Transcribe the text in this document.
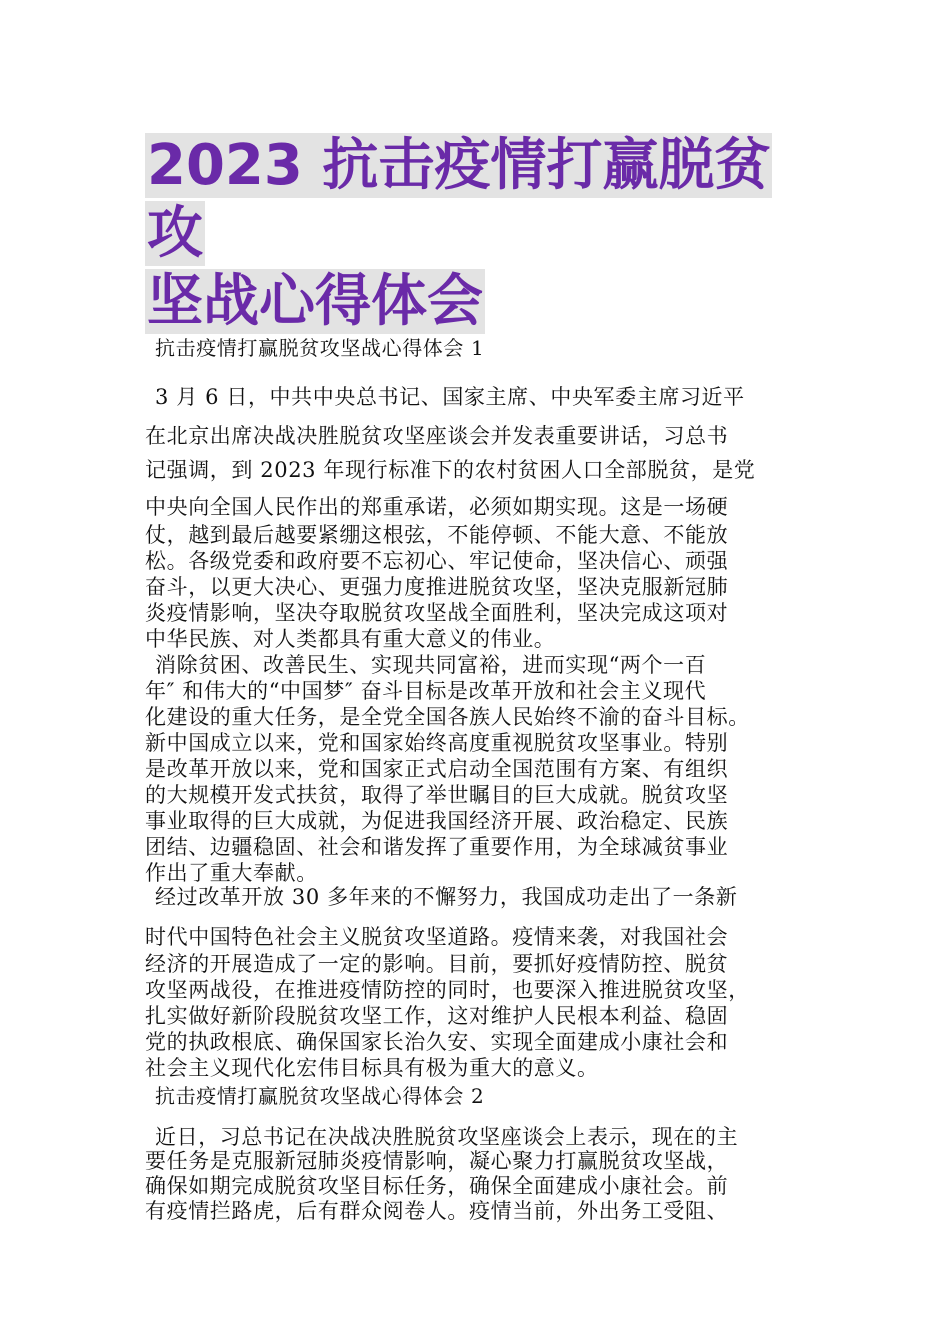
2023 抗击疫情打赢脱贫攻
坚战心得体会
抗击疫情打赢脱贫攻坚战心得体会 1
3 月 6 日，中共中央总书记、国家主席、中央军委主席习近平
在北京出席决战决胜脱贫攻坚座谈会并发表重要讲话，习总书
记强调，到 2023 年现行标准下的农村贫困人口全部脱贫，是党
中央向全国人民作出的郑重承诺，必须如期实现。这是一场硬
仗，越到最后越要紧绷这根弦，不能停顿、不能大意、不能放
松。各级党委和政府要不忘初心、牢记使命，坚决信心、顽强
奋斗，以更大决心、更强力度推进脱贫攻坚，坚决克服新冠肺
炎疫情影响，坚决夺取脱贫攻坚战全面胜利，坚决完成这项对
中华民族、对人类都具有重大意义的伟业。
消除贫困、改善民生、实现共同富裕，进而实现“两个一百
年″ 和伟大的“中国梦″ 奋斗目标是改革开放和社会主义现代
化建设的重大任务，是全党全国各族人民始终不渝的奋斗目标。
新中国成立以来，党和国家始终高度重视脱贫攻坚事业。特别
是改革开放以来，党和国家正式启动全国范围有方案、有组织
的大规模开发式扶贫，取得了举世瞩目的巨大成就。脱贫攻坚
事业取得的巨大成就，为促进我国经济开展、政治稳定、民族
团结、边疆稳固、社会和谐发挥了重要作用，为全球减贫事业
作出了重大奉献。
经过改革开放 30 多年来的不懈努力，我国成功走出了一条新
时代中国特色社会主义脱贫攻坚道路。疫情来袭，对我国社会
经济的开展造成了一定的影响。目前，要抓好疫情防控、脱贫
攻坚两战役，在推进疫情防控的同时，也要深入推进脱贫攻坚，
扎实做好新阶段脱贫攻坚工作，这对维护人民根本利益、稳固
党的执政根底、确保国家长治久安、实现全面建成小康社会和
社会主义现代化宏伟目标具有极为重大的意义。
抗击疫情打赢脱贫攻坚战心得体会 2
近日，习总书记在决战决胜脱贫攻坚座谈会上表示，现在的主
要任务是克服新冠肺炎疫情影响，凝心聚力打赢脱贫攻坚战，
确保如期完成脱贫攻坚目标任务，确保全面建成小康社会。前
有疫情拦路虎，后有群众阅卷人。疫情当前，外出务工受阻、
